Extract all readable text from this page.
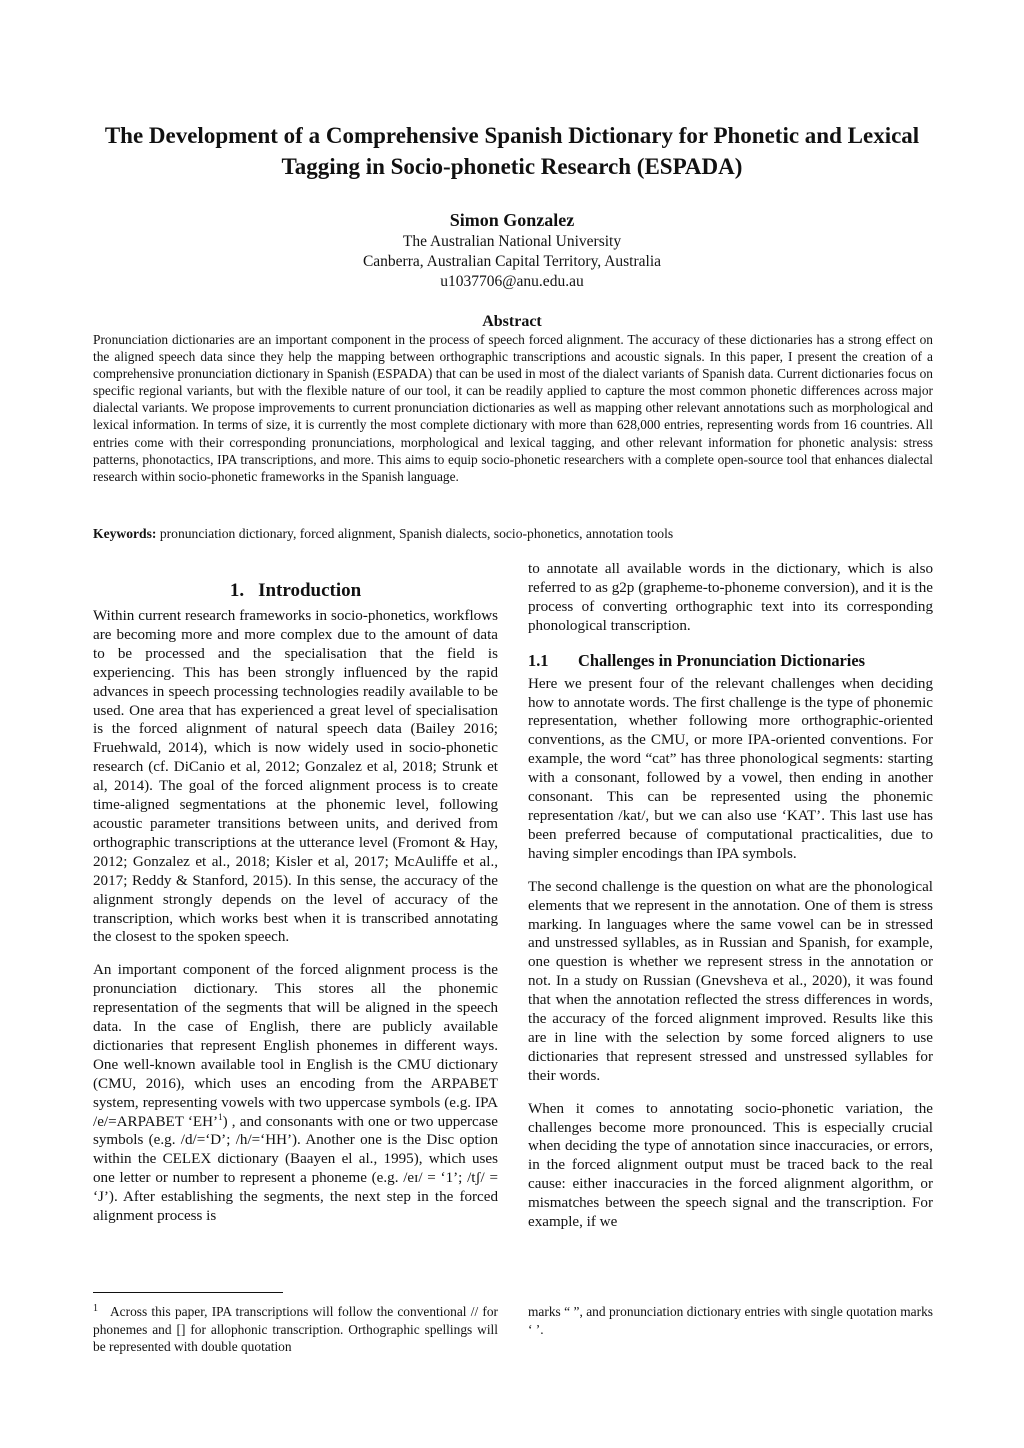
The Development of a Comprehensive Spanish Dictionary for Phonetic and Lexical Tagging in Socio-phonetic Research (ESPADA)
Simon Gonzalez
The Australian National University
Canberra, Australian Capital Territory, Australia
u1037706@anu.edu.au
Abstract

Pronunciation dictionaries are an important component in the process of speech forced alignment. The accuracy of these dictionaries has a strong effect on the aligned speech data since they help the mapping between orthographic transcriptions and acoustic signals. In this paper, I present the creation of a comprehensive pronunciation dictionary in Spanish (ESPADA) that can be used in most of the dialect variants of Spanish data. Current dictionaries focus on specific regional variants, but with the flexible nature of our tool, it can be readily applied to capture the most common phonetic differences across major dialectal variants. We propose improvements to current pronunciation dictionaries as well as mapping other relevant annotations such as morphological and lexical information. In terms of size, it is currently the most complete dictionary with more than 628,000 entries, representing words from 16 countries. All entries come with their corresponding pronunciations, morphological and lexical tagging, and other relevant information for phonetic analysis: stress patterns, phonotactics, IPA transcriptions, and more. This aims to equip socio-phonetic researchers with a complete open-source tool that enhances dialectal research within socio-phonetic frameworks in the Spanish language.

Keywords: pronunciation dictionary, forced alignment, Spanish dialects, socio-phonetics, annotation tools

1. Introduction

Within current research frameworks in socio-phonetics, workflows are becoming more and more complex due to the amount of data to be processed and the specialisation that the field is experiencing. This has been strongly influenced by the rapid advances in speech processing technologies readily available to be used. One area that has experienced a great level of specialisation is the forced alignment of natural speech data (Bailey 2016; Fruehwald, 2014), which is now widely used in socio-phonetic research (cf. DiCanio et al, 2012; Gonzalez et al, 2018; Strunk et al, 2014). The goal of the forced alignment process is to create time-aligned segmentations at the phonemic level, following acoustic parameter transitions between units, and derived from orthographic transcriptions at the utterance level (Fromont & Hay, 2012; Gonzalez et al., 2018; Kisler et al, 2017; McAuliffe et al., 2017; Reddy & Stanford, 2015). In this sense, the accuracy of the alignment strongly depends on the level of accuracy of the transcription, which works best when it is transcribed annotating the closest to the spoken speech.

An important component of the forced alignment process is the pronunciation dictionary. This stores all the phonemic representation of the segments that will be aligned in the speech data. In the case of English, there are publicly available dictionaries that represent English phonemes in different ways. One well-known available tool in English is the CMU dictionary (CMU, 2016), which uses an encoding from the ARPABET system, representing vowels with two uppercase symbols (e.g. IPA /e/=ARPABET ‘EH’$^1$) , and consonants with one or two uppercase symbols (e.g. /d/=‘D’; /h/=‘HH’). Another one is the Disc option within the CELEX dictionary (Baayen el al., 1995), which uses one letter or number to represent a phoneme (e.g. /eɪ/ = ‘1’; /tʃ/ = ‘J’). After establishing the segments, the next step in the forced alignment process is

to annotate all available words in the dictionary, which is also referred to as g2p (grapheme-to-phoneme conversion), and it is the process of converting orthographic text into its corresponding phonological transcription.

1.1 Challenges in Pronunciation Dictionaries

Here we present four of the relevant challenges when deciding how to annotate words. The first challenge is the type of phonemic representation, whether following more orthographic-oriented conventions, as the CMU, or more IPA-oriented conventions. For example, the word “cat” has three phonological segments: starting with a consonant, followed by a vowel, then ending in another consonant. This can be represented using the phonemic representation /kat/, but we can also use ‘KAT’. This last use has been preferred because of computational practicalities, due to having simpler encodings than IPA symbols.

The second challenge is the question on what are the phonological elements that we represent in the annotation. One of them is stress marking. In languages where the same vowel can be in stressed and unstressed syllables, as in Russian and Spanish, for example, one question is whether we represent stress in the annotation or not. In a study on Russian (Gnevsheva et al., 2020), it was found that when the annotation reflected the stress differences in words, the accuracy of the forced alignment improved. Results like this are in line with the selection by some forced aligners to use dictionaries that represent stressed and unstressed syllables for their words.

When it comes to annotating socio-phonetic variation, the challenges become more pronounced. This is especially crucial when deciding the type of annotation since inaccuracies, or errors, in the forced alignment output must be traced back to the real cause: either inaccuracies in the forced alignment algorithm, or mismatches between the speech signal and the transcription. For example, if we

$^1$ Across this paper, IPA transcriptions will follow the conventional // for phonemes and [] for allophonic transcription. Orthographic spellings will be represented with double quotation

marks “ ”, and pronunciation dictionary entries with single quotation marks ‘ ’.
